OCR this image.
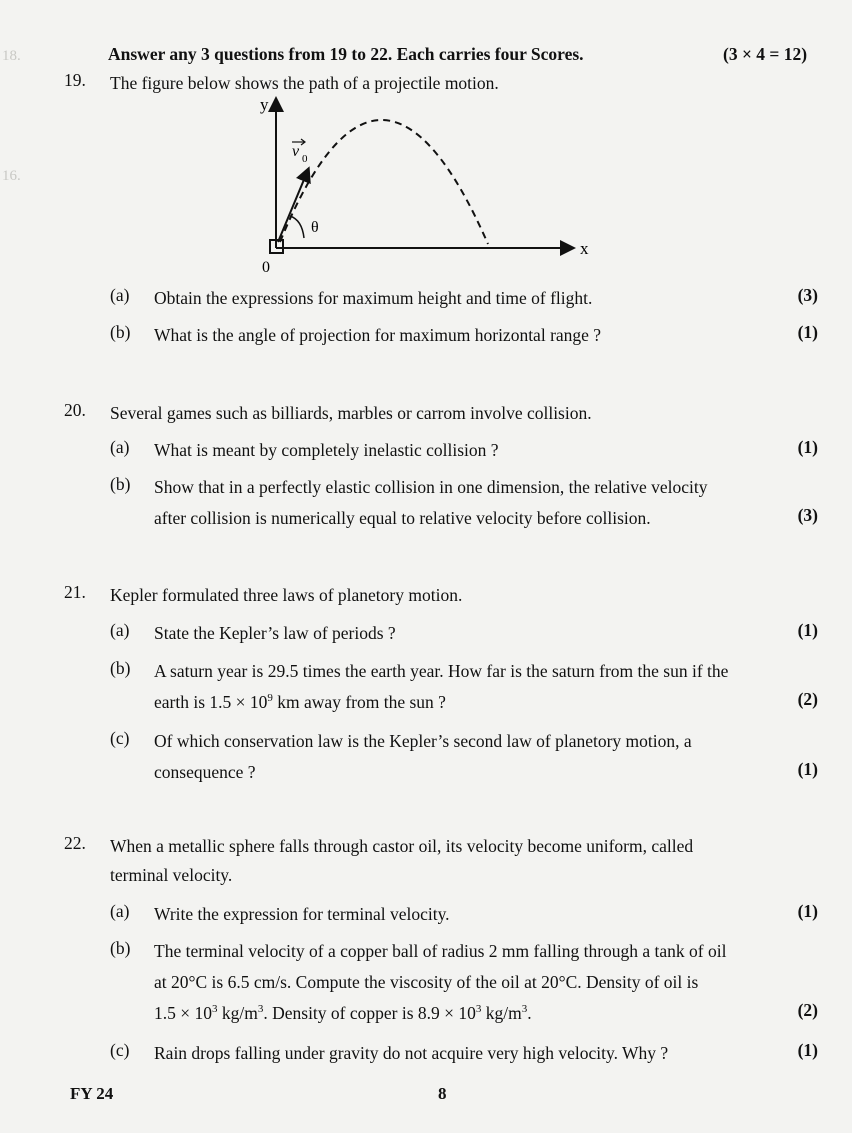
16.
18.	Answer any 3 questions from 19 to 22. Each carries four Scores.	(3 × 4 = 12)
19. The figure below shows the path of a projectile motion.
y
x
0
v 0
θ
(a) Obtain the expressions for maximum height and time of flight.	(3)
(b) What is the angle of projection for maximum horizontal range ?	(1)
20. Several games such as billiards, marbles or carrom involve collision.
(a) What is meant by completely inelastic collision ?	(1)
(b) Show that in a perfectly elastic collision in one dimension, the relative velocity
after collision is numerically equal to relative velocity before collision.	(3)
21. Kepler formulated three laws of planetory motion.
(a) State the Kepler’s law of periods ?	(1)
(b) A saturn year is 29.5 times the earth year. How far is the saturn from the sun if the
earth is $1.5 \times 10^9$ km away from the sun ?	(2)
(c) Of which conservation law is the Kepler’s second law of planetory motion, a
consequence ?	(1)
22. When a metallic sphere falls through castor oil, its velocity become uniform, called
terminal velocity.
(a) Write the expression for terminal velocity.	(1)
(b) The terminal velocity of a copper ball of radius 2 mm falling through a tank of oil
at 20°C is 6.5 cm/s. Compute the viscosity of the oil at 20°C. Density of oil is
$1.5 \times 10^3$ $kg/m^3$. Density of copper is $8.9 \times 10^3$ $kg/m^3$.	(2)
(c) Rain drops falling under gravity do not acquire very high velocity. Why ?	(1)
FY 24	8
